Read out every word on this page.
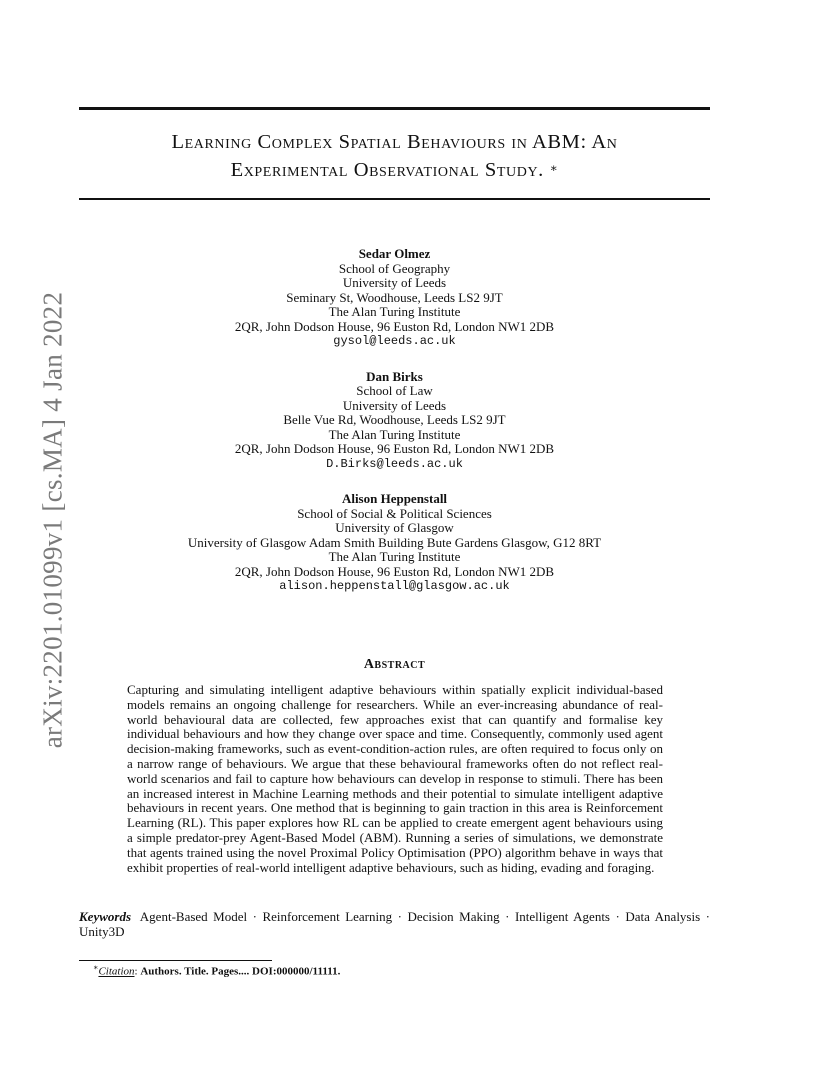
arXiv:2201.01099v1 [cs.MA] 4 Jan 2022
Learning Complex Spatial Behaviours in ABM: An
Experimental Observational Study. ∗
Sedar Olmez
School of Geography
University of Leeds
Seminary St, Woodhouse, Leeds LS2 9JT
The Alan Turing Institute
2QR, John Dodson House, 96 Euston Rd, London NW1 2DB
gysol@leeds.ac.uk
Dan Birks
School of Law
University of Leeds
Belle Vue Rd, Woodhouse, Leeds LS2 9JT
The Alan Turing Institute
2QR, John Dodson House, 96 Euston Rd, London NW1 2DB
D.Birks@leeds.ac.uk
Alison Heppenstall
School of Social & Political Sciences
University of Glasgow
University of Glasgow Adam Smith Building Bute Gardens Glasgow, G12 8RT
The Alan Turing Institute
2QR, John Dodson House, 96 Euston Rd, London NW1 2DB
alison.heppenstall@glasgow.ac.uk
Abstract
Capturing and simulating intelligent adaptive behaviours within spatially explicit individual-based models remains an ongoing challenge for researchers. While an ever-increasing abundance of real-world behavioural data are collected, few approaches exist that can quantify and formalise key individual behaviours and how they change over space and time. Consequently, commonly used agent decision-making frameworks, such as event-condition-action rules, are often required to focus only on a narrow range of behaviours. We argue that these behavioural frameworks often do not reflect real-world scenarios and fail to capture how behaviours can develop in response to stimuli. There has been an increased interest in Machine Learning methods and their potential to simulate intelligent adaptive behaviours in recent years. One method that is beginning to gain traction in this area is Reinforcement Learning (RL). This paper explores how RL can be applied to create emergent agent behaviours using a simple predator-prey Agent-Based Model (ABM). Running a series of simulations, we demonstrate that agents trained using the novel Proximal Policy Optimisation (PPO) algorithm behave in ways that exhibit properties of real-world intelligent adaptive behaviours, such as hiding, evading and foraging.
Keywords Agent-Based Model · Reinforcement Learning · Decision Making · Intelligent Agents · Data Analysis · Unity3D
∗Citation: Authors. Title. Pages.... DOI:000000/11111.
